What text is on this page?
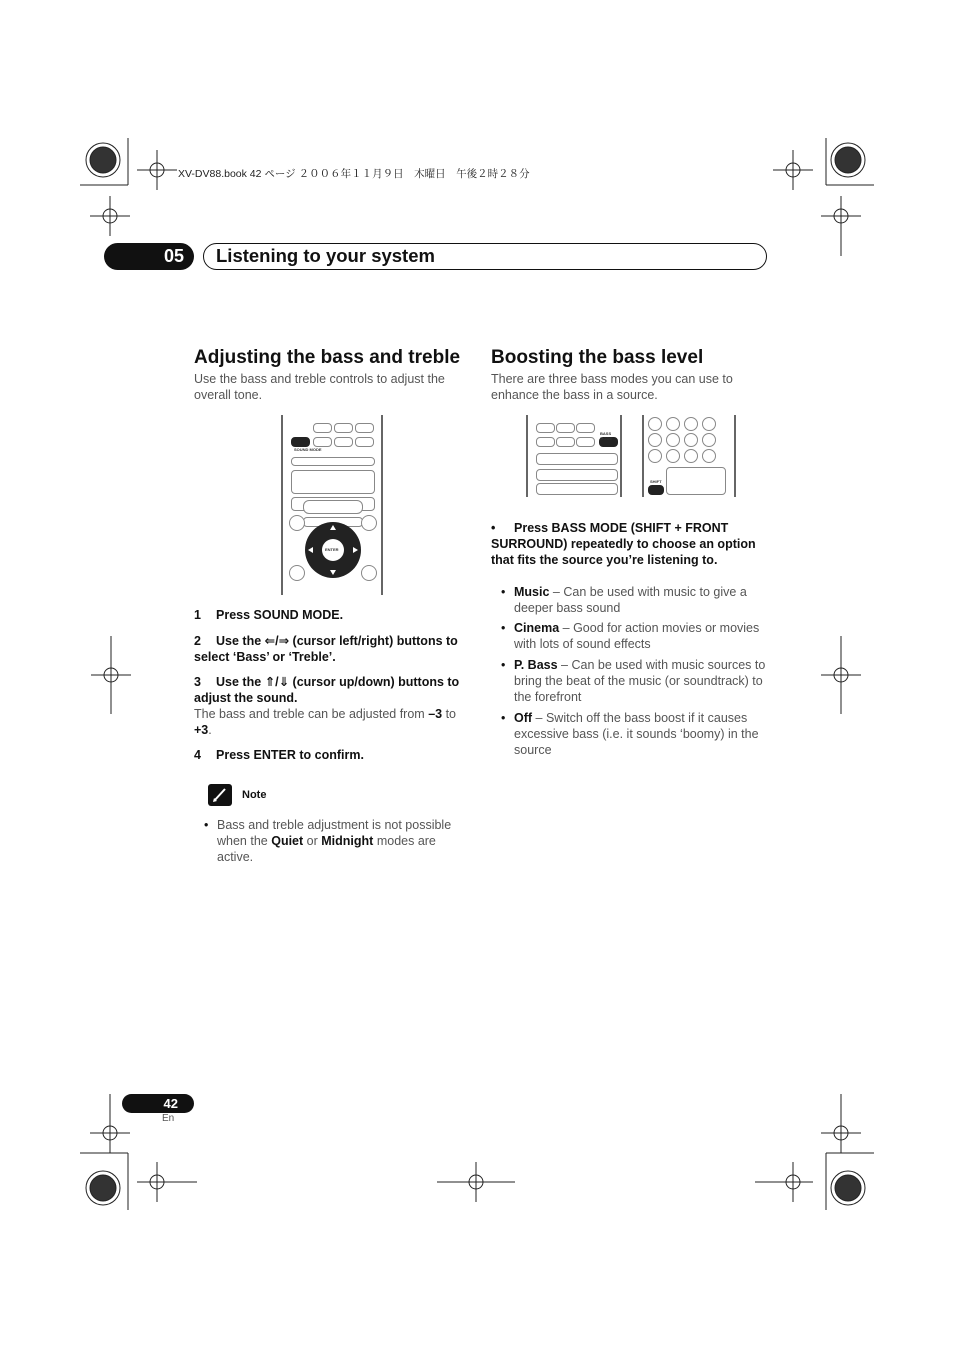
XV-DV88.book 42 ページ ２００６年１１月９日　木曜日　午後２時２８分
05	Listening to your system
Adjusting the bass and treble
Use the bass and treble controls to adjust the overall tone.
SOUND MODE
ENTER
1 Press SOUND MODE.
2 Use the ⇐/⇒ (cursor left/right) buttons to select ‘Bass’ or ‘Treble’.
3 Use the ⇑/⇓ (cursor up/down) buttons to adjust the sound.
The bass and treble can be adjusted from –3 to +3.
4 Press ENTER to confirm.
Note
• Bass and treble adjustment is not possible when the Quiet or Midnight modes are active.
Boosting the bass level
There are three bass modes you can use to enhance the bass in a source.
BASS MODE
SHIFT
• Press BASS MODE (SHIFT + FRONT SURROUND) repeatedly to choose an option that fits the source you’re listening to.
• Music – Can be used with music to give a deeper bass sound
• Cinema – Good for action movies or movies with lots of sound effects
• P. Bass – Can be used with music sources to bring the beat of the music (or soundtrack) to the forefront
• Off – Switch off the bass boost if it causes excessive bass (i.e. it sounds ‘boomy) in the source
42
En
